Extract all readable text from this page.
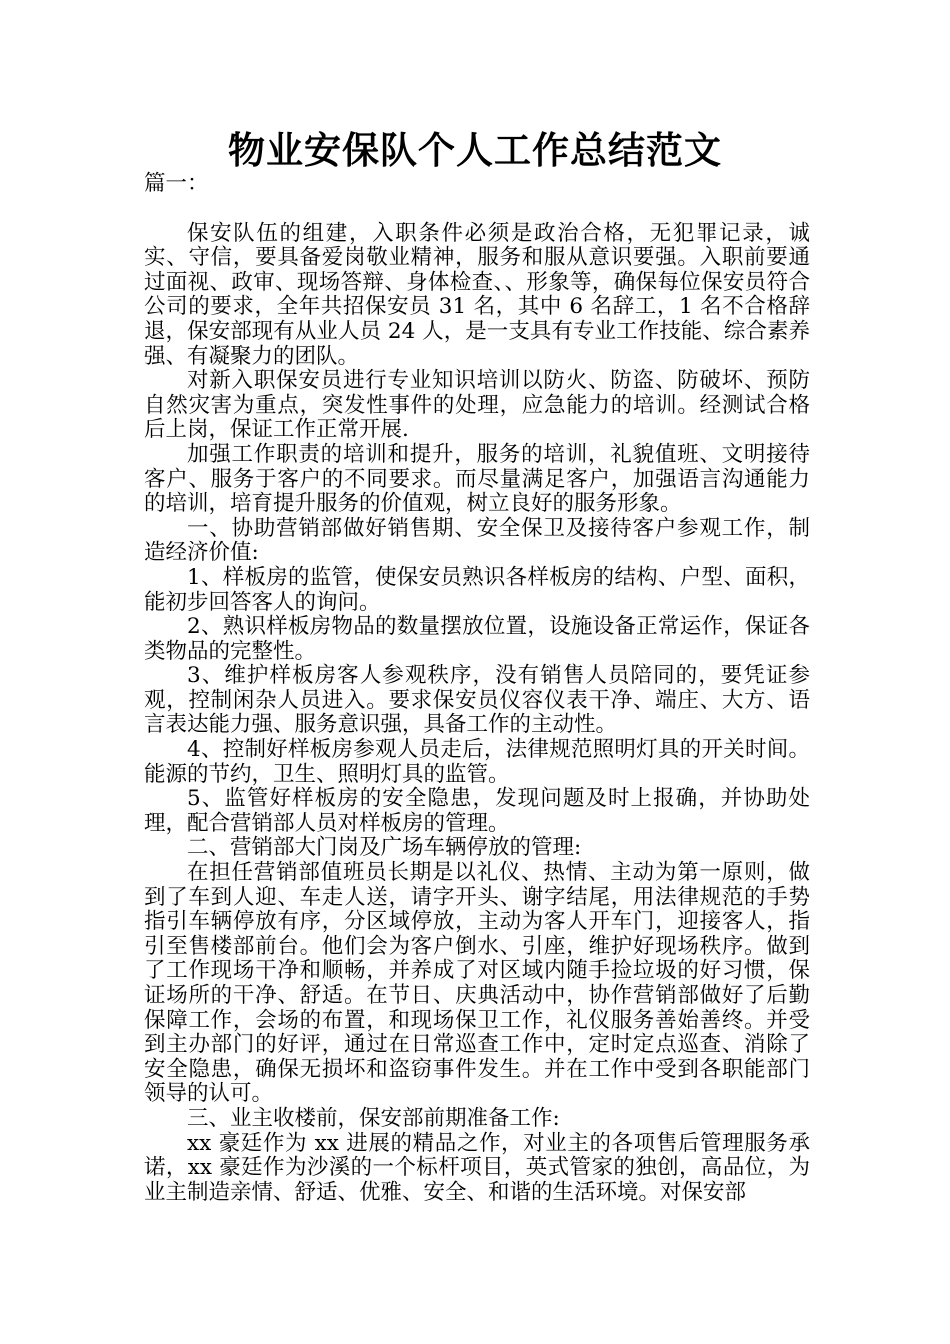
物业安保队个人工作总结范文

篇一：

保安队伍的组建，入职条件必须是政治合格，无犯罪记录，诚实、守信，要具备爱岗敬业精神，服务和服从意识要强。入职前要通过面视、政审、现场答辩、身体检查、、形象等，确保每位保安员符合公司的要求，全年共招保安员 31 名，其中 6 名辞工，1 名不合格辞退，保安部现有从业人员 24 人，是一支具有专业工作技能、综合素养强、有凝聚力的团队。

对新入职保安员进行专业知识培训以防火、防盗、防破坏、预防自然灾害为重点，突发性事件的处理，应急能力的培训。经测试合格后上岗，保证工作正常开展.

加强工作职责的培训和提升，服务的培训，礼貌值班、文明接待客户、服务于客户的不同要求。而尽量满足客户，加强语言沟通能力的培训，培育提升服务的价值观，树立良好的服务形象。

一、协助营销部做好销售期、安全保卫及接待客户参观工作，制造经济价值:

1、样板房的监管，使保安员熟识各样板房的结构、户型、面积，能初步回答客人的询问。

2、熟识样板房物品的数量摆放位置，设施设备正常运作，保证各类物品的完整性。

3、维护样板房客人参观秩序，没有销售人员陪同的，要凭证参观，控制闲杂人员进入。要求保安员仪容仪表干净、端庄、大方、语言表达能力强、服务意识强，具备工作的主动性。

4、控制好样板房参观人员走后，法律规范照明灯具的开关时间。能源的节约，卫生、照明灯具的监管。

5、监管好样板房的安全隐患，发现问题及时上报确，并协助处理，配合营销部人员对样板房的管理。

二、营销部大门岗及广场车辆停放的管理:

在担任营销部值班员长期是以礼仪、热情、主动为第一原则，做到了车到人迎、车走人送，请字开头、谢字结尾，用法律规范的手势指引车辆停放有序，分区域停放，主动为客人开车门，迎接客人，指引至售楼部前台。他们会为客户倒水、引座，维护好现场秩序。做到了工作现场干净和顺畅，并养成了对区域内随手捡垃圾的好习惯，保证场所的干净、舒适。在节日、庆典活动中，协作营销部做好了后勤保障工作，会场的布置，和现场保卫工作，礼仪服务善始善终。并受到主办部门的好评，通过在日常巡查工作中，定时定点巡查、消除了安全隐患，确保无损坏和盗窃事件发生。并在工作中受到各职能部门领导的认可。

三、业主收楼前，保安部前期准备工作:

xx 豪廷作为 xx 进展的精品之作，对业主的各项售后管理服务承诺，xx 豪廷作为沙溪的一个标杆项目，英式管家的独创，高品位，为业主制造亲情、舒适、优雅、安全、和谐的生活环境。对保安部
